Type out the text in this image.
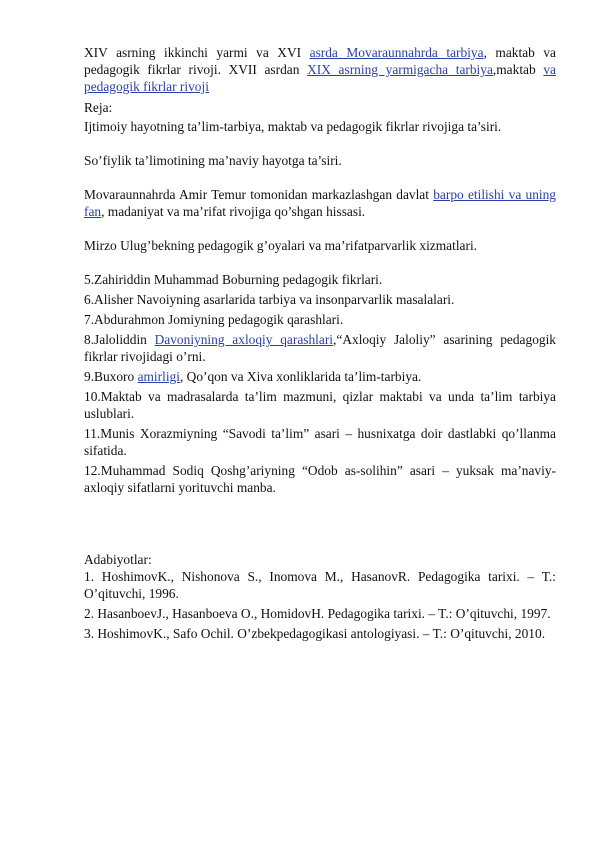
XIV asrning ikkinchi yarmi va XVI asrda Movaraunnahrda tarbiya, maktab va pedagogik fikrlar rivoji. XVII asrdan XIX asrning yarmigacha tarbiya,maktab va pedagogik fikrlar rivoji

Reja:

Ijtimoiy hayotning ta’lim-tarbiya, maktab va pedagogik fikrlar rivojiga ta’siri.

So’fiylik ta’limotining ma’naviy hayotga ta’siri.

Movaraunnahrda Amir Temur tomonidan markazlashgan davlat barpo etilishi va uning fan, madaniyat va ma’rifat rivojiga qo’shgan hissasi.

Mirzo Ulug’bekning pedagogik g’oyalari va ma’rifatparvarlik xizmatlari.

5.Zahiriddin Muhammad Boburning pedagogik fikrlari.

6.Alisher Navoiyning asarlarida tarbiya va insonparvarlik masalalari.

7.Abdurahmon Jomiyning pedagogik qarashlari.

8.Jaloliddin Davoniyning axloqiy qarashlari,“Axloqiy Jaloliy” asarining pedagogik fikrlar rivojidagi o’rni.

9.Buxoro amirligi, Qo’qon va Xiva xonliklarida ta’lim-tarbiya.

10.Maktab va madrasalarda ta’lim mazmuni, qizlar maktabi va unda ta’lim tarbiya uslublari.

11.Munis Xorazmiyning “Savodi ta’lim” asari – husnixatga doir dastlabki qo’llanma sifatida.

12.Muhammad Sodiq Qoshg’ariyning “Odob as-solihin” asari – yuksak ma’naviy-axloqiy sifatlarni yorituvchi manba.

Adabiyotlar:

1. HoshimovK., Nishonova S., Inomova M., HasanovR. Pedagogika tarixi. – T.: O’qituvchi, 1996.

2. HasanboevJ., Hasanboeva O., HomidovH. Pedagogika tarixi. – T.: O’qituvchi, 1997.

3. HoshimovK., Safo Ochil. O’zbekpedagogikasi antologiyasi. – T.: O’qituvchi, 2010.
